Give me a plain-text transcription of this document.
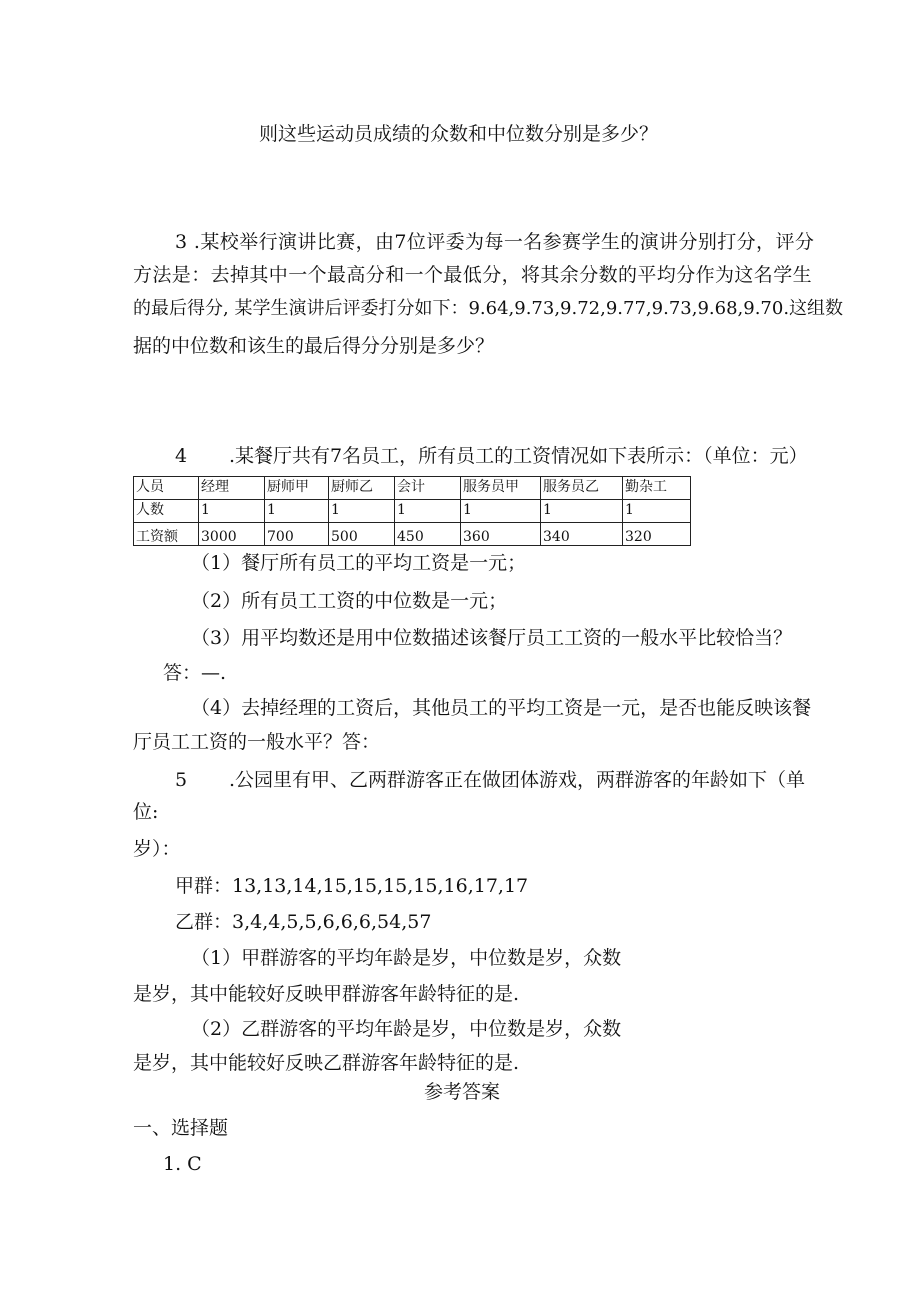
则这些运动员成绩的众数和中位数分别是多少？
3 .某校举行演讲比赛，由7位评委为每一名参赛学生的演讲分别打分，评分
方法是：去掉其中一个最高分和一个最低分，将其余分数的平均分作为这名学生
的最后得分, 某学生演讲后评委打分如下：9.64,9.73,9.72,9.77,9.73,9.68,9.70.这组数
据的中位数和该生的最后得分分别是多少？
4 .某餐厅共有7名员工，所有员工的工资情况如下表所示：（单位：元）
人员	经理	厨师甲	厨师乙	会计	服务员甲	服务员乙	勤杂工
人数	1	1	1	1	1	1	1
工资额	3000	700	500	450	360	340	320
（1）餐厅所有员工的平均工资是一元；
（2）所有员工工资的中位数是一元；
（3）用平均数还是用中位数描述该餐厅员工工资的一般水平比较恰当？
答：—.
（4）去掉经理的工资后，其他员工的平均工资是一元，是否也能反映该餐
厅员工工资的一般水平？答：
5 .公园里有甲、乙两群游客正在做团体游戏，两群游客的年龄如下（单
位:
岁）：
甲群：13,13,14,15,15,15,15,16,17,17
乙群：3,4,4,5,5,6,6,6,54,57
（1）甲群游客的平均年龄是岁，中位数是岁，众数
是岁，其中能较好反映甲群游客年龄特征的是.
（2）乙群游客的平均年龄是岁，中位数是岁，众数
是岁，其中能较好反映乙群游客年龄特征的是.
参考答案
一、选择题
1. C
